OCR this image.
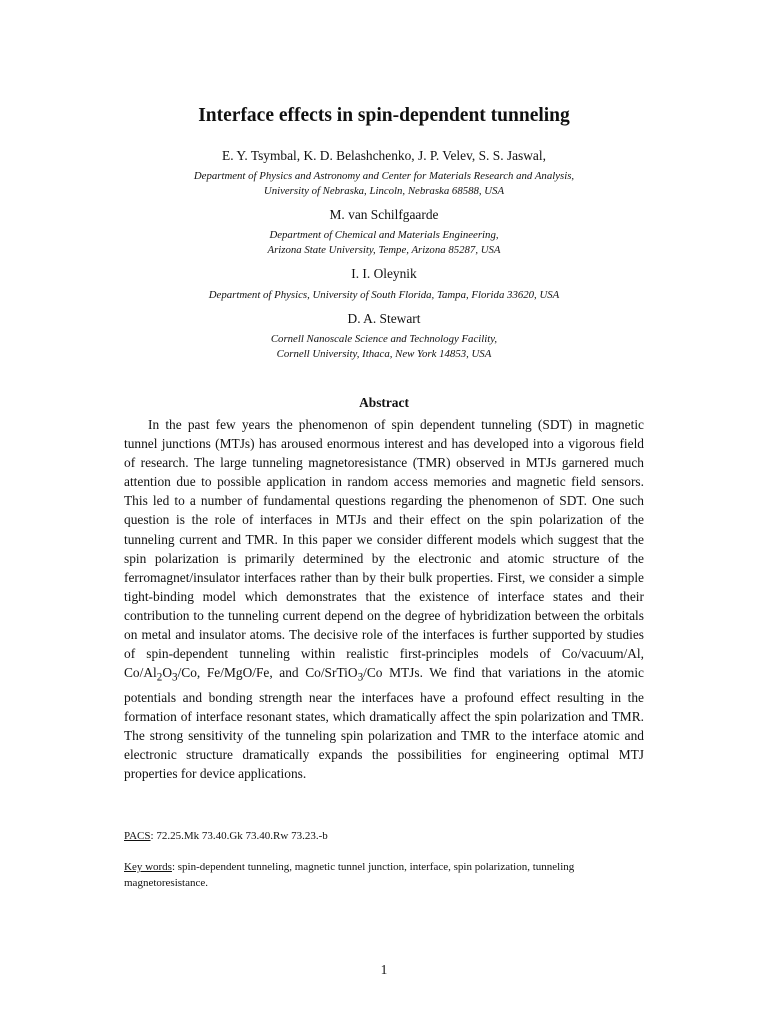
Interface effects in spin-dependent tunneling
E. Y. Tsymbal, K. D. Belashchenko, J. P. Velev, S. S. Jaswal,
Department of Physics and Astronomy and Center for Materials Research and Analysis,
University of Nebraska, Lincoln, Nebraska 68588, USA
M. van Schilfgaarde
Department of Chemical and Materials Engineering,
Arizona State University, Tempe, Arizona 85287, USA
I. I. Oleynik
Department of Physics, University of South Florida, Tampa, Florida 33620, USA
D. A. Stewart
Cornell Nanoscale Science and Technology Facility,
Cornell University, Ithaca, New York 14853, USA
Abstract

In the past few years the phenomenon of spin dependent tunneling (SDT) in magnetic tunnel junctions (MTJs) has aroused enormous interest and has developed into a vigorous field of research. The large tunneling magnetoresistance (TMR) observed in MTJs garnered much attention due to possible application in random access memories and magnetic field sensors. This led to a number of fundamental questions regarding the phenomenon of SDT. One such question is the role of interfaces in MTJs and their effect on the spin polarization of the tunneling current and TMR. In this paper we consider different models which suggest that the spin polarization is primarily determined by the electronic and atomic structure of the ferromagnet/insulator interfaces rather than by their bulk properties. First, we consider a simple tight-binding model which demonstrates that the existence of interface states and their contribution to the tunneling current depend on the degree of hybridization between the orbitals on metal and insulator atoms. The decisive role of the interfaces is further supported by studies of spin-dependent tunneling within realistic first-principles models of Co/vacuum/Al, $Co/Al_2O_3/Co$, Fe/MgO/Fe, and Co/SrTiO$_3$/Co MTJs. We find that variations in the atomic potentials and bonding strength near the interfaces have a profound effect resulting in the formation of interface resonant states, which dramatically affect the spin polarization and TMR. The strong sensitivity of the tunneling spin polarization and TMR to the interface atomic and electronic structure dramatically expands the possibilities for engineering optimal MTJ properties for device applications.

PACS: 72.25.Mk 73.40.Gk 73.40.Rw 73.23.-b
Key words: spin-dependent tunneling, magnetic tunnel junction, interface, spin polarization, tunneling magnetoresistance.
1
